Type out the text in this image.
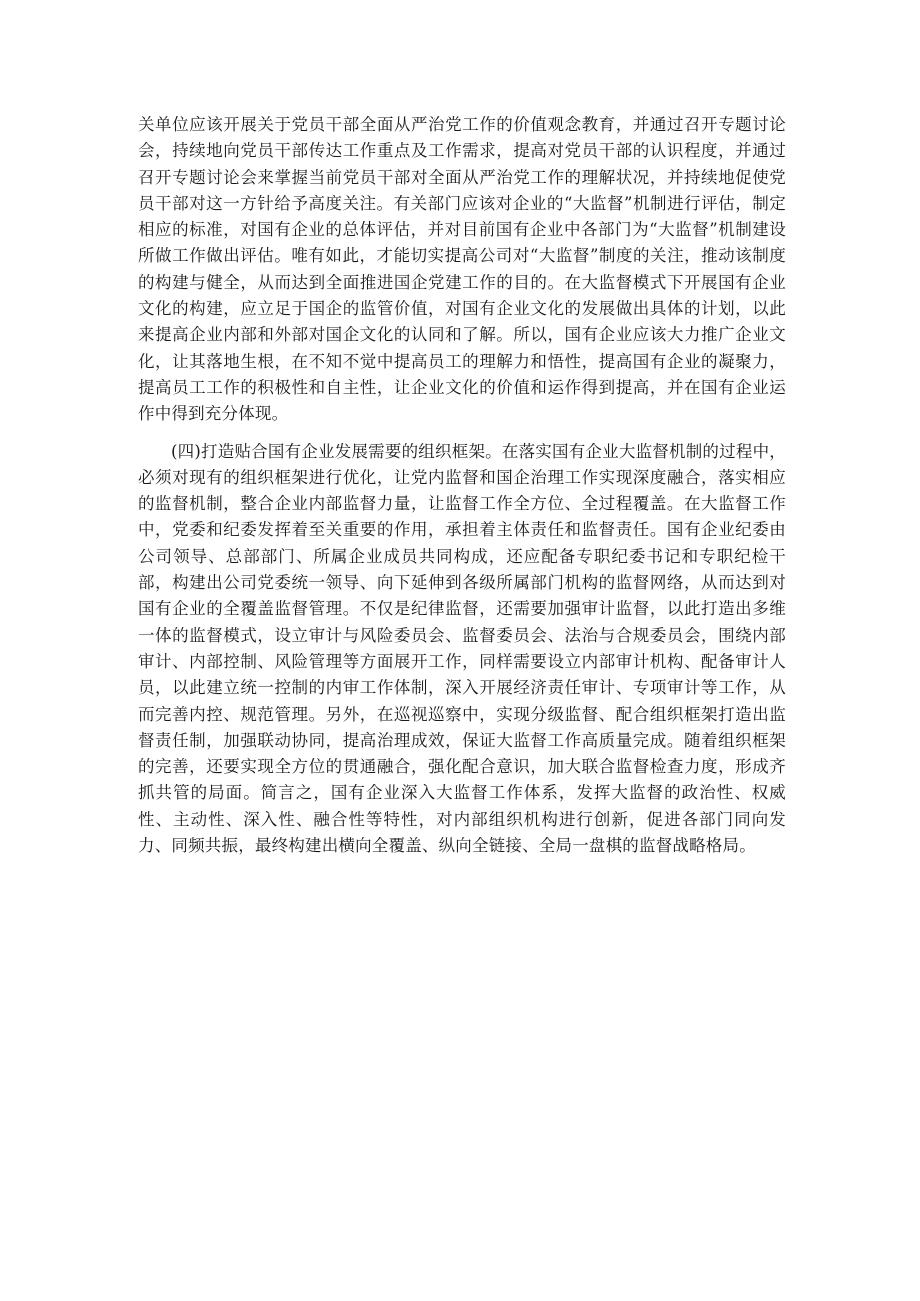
关单位应该开展关于党员干部全面从严治党工作的价值观念教育，并通过召开专题讨论会，持续地向党员干部传达工作重点及工作需求，提高对党员干部的认识程度，并通过召开专题讨论会来掌握当前党员干部对全面从严治党工作的理解状况，并持续地促使党员干部对这一方针给予高度关注。有关部门应该对企业的“大监督”机制进行评估，制定相应的标准，对国有企业的总体评估，并对目前国有企业中各部门为“大监督”机制建设所做工作做出评估。唯有如此，才能切实提高公司对“大监督”制度的关注，推动该制度的构建与健全，从而达到全面推进国企党建工作的目的。在大监督模式下开展国有企业文化的构建，应立足于国企的监管价值，对国有企业文化的发展做出具体的计划，以此来提高企业内部和外部对国企文化的认同和了解。所以，国有企业应该大力推广企业文化，让其落地生根，在不知不觉中提高员工的理解力和悟性，提高国有企业的凝聚力，提高员工工作的积极性和自主性，让企业文化的价值和运作得到提高，并在国有企业运作中得到充分体现。

(四)打造贴合国有企业发展需要的组织框架。在落实国有企业大监督机制的过程中，必须对现有的组织框架进行优化，让党内监督和国企治理工作实现深度融合，落实相应的监督机制，整合企业内部监督力量，让监督工作全方位、全过程覆盖。在大监督工作中，党委和纪委发挥着至关重要的作用，承担着主体责任和监督责任。国有企业纪委由公司领导、总部部门、所属企业成员共同构成，还应配备专职纪委书记和专职纪检干部，构建出公司党委统一领导、向下延伸到各级所属部门机构的监督网络，从而达到对国有企业的全覆盖监督管理。不仅是纪律监督，还需要加强审计监督，以此打造出多维一体的监督模式，设立审计与风险委员会、监督委员会、法治与合规委员会，围绕内部审计、内部控制、风险管理等方面展开工作，同样需要设立内部审计机构、配备审计人员，以此建立统一控制的内审工作体制，深入开展经济责任审计、专项审计等工作，从而完善内控、规范管理。另外，在巡视巡察中，实现分级监督、配合组织框架打造出监督责任制，加强联动协同，提高治理成效，保证大监督工作高质量完成。随着组织框架的完善，还要实现全方位的贯通融合，强化配合意识，加大联合监督检查力度，形成齐抓共管的局面。简言之，国有企业深入大监督工作体系，发挥大监督的政治性、权威性、主动性、深入性、融合性等特性，对内部组织机构进行创新，促进各部门同向发力、同频共振，最终构建出横向全覆盖、纵向全链接、全局一盘棋的监督战略格局。
